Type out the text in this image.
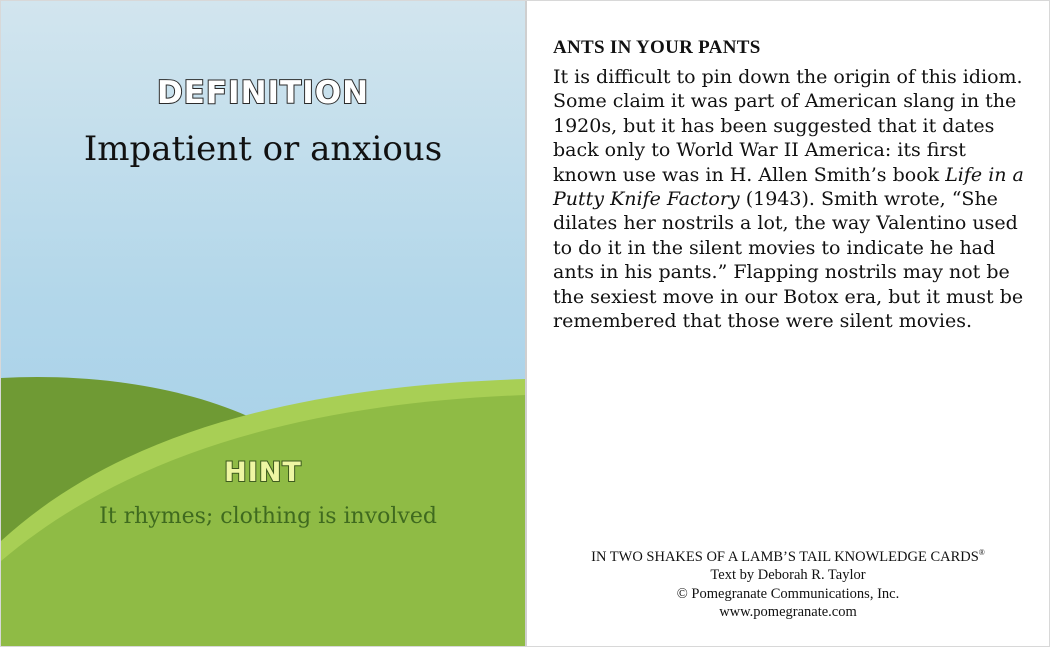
DEFINITION
Impatient or anxious
HINT
It rhymes; clothing is involved
ANTS IN YOUR PANTS

It is difficult to pin down the origin of this idiom. Some claim it was part of American slang in the 1920s, but it has been suggested that it dates back only to World War II America: its first known use was in H. Allen Smith’s book Life in a Putty Knife Factory (1943). Smith wrote, “She dilates her nostrils a lot, the way Valentino used to do it in the silent movies to indicate he had ants in his pants.” Flapping nostrils may not be the sexiest move in our Botox era, but it must be remembered that those were silent movies.

IN TWO SHAKES OF A LAMB’S TAIL KNOWLEDGE CARDS®
Text by Deborah R. Taylor
© Pomegranate Communications, Inc.
www.pomegranate.com
